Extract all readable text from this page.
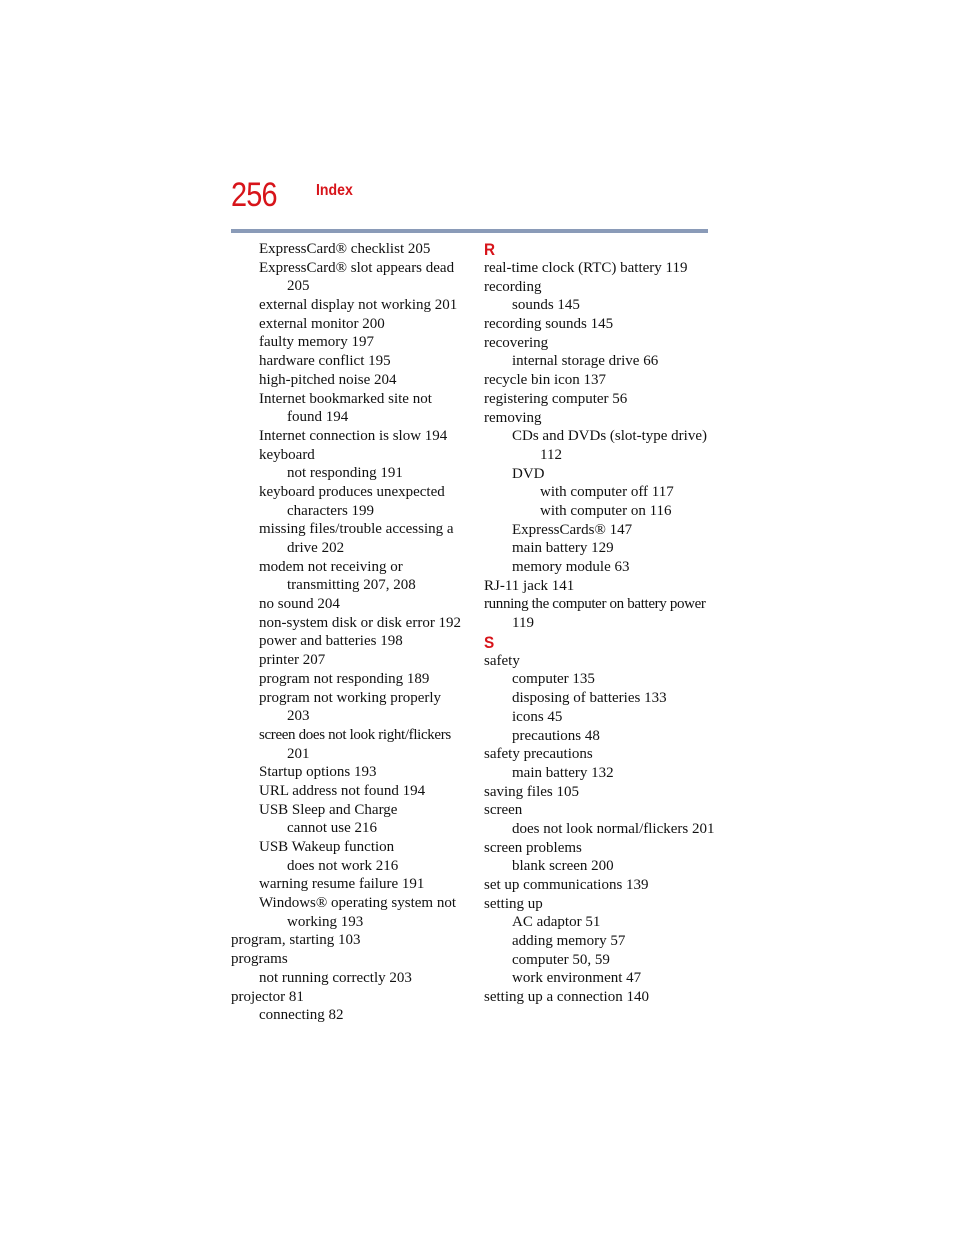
256 Index
ExpressCard® checklist 205
ExpressCard® slot appears dead
205
external display not working 201
external monitor 200
faulty memory 197
hardware conflict 195
high-pitched noise 204
Internet bookmarked site not
found 194
Internet connection is slow 194
keyboard
not responding 191
keyboard produces unexpected
characters 199
missing files/trouble accessing a
drive 202
modem not receiving or
transmitting 207, 208
no sound 204
non-system disk or disk error 192
power and batteries 198
printer 207
program not responding 189
program not working properly
203
screen does not look right/flickers
201
Startup options 193
URL address not found 194
USB Sleep and Charge
cannot use 216
USB Wakeup function
does not work 216
warning resume failure 191
Windows® operating system not
working 193
program, starting 103
programs
not running correctly 203
projector 81
connecting 82
R
real-time clock (RTC) battery 119
recording
sounds 145
recording sounds 145
recovering
internal storage drive 66
recycle bin icon 137
registering computer 56
removing
CDs and DVDs (slot-type drive)
112
DVD
with computer off 117
with computer on 116
ExpressCards® 147
main battery 129
memory module 63
RJ-11 jack 141
running the computer on battery power
119
S
safety
computer 135
disposing of batteries 133
icons 45
precautions 48
safety precautions
main battery 132
saving files 105
screen
does not look normal/flickers 201
screen problems
blank screen 200
set up communications 139
setting up
AC adaptor 51
adding memory 57
computer 50, 59
work environment 47
setting up a connection 140
